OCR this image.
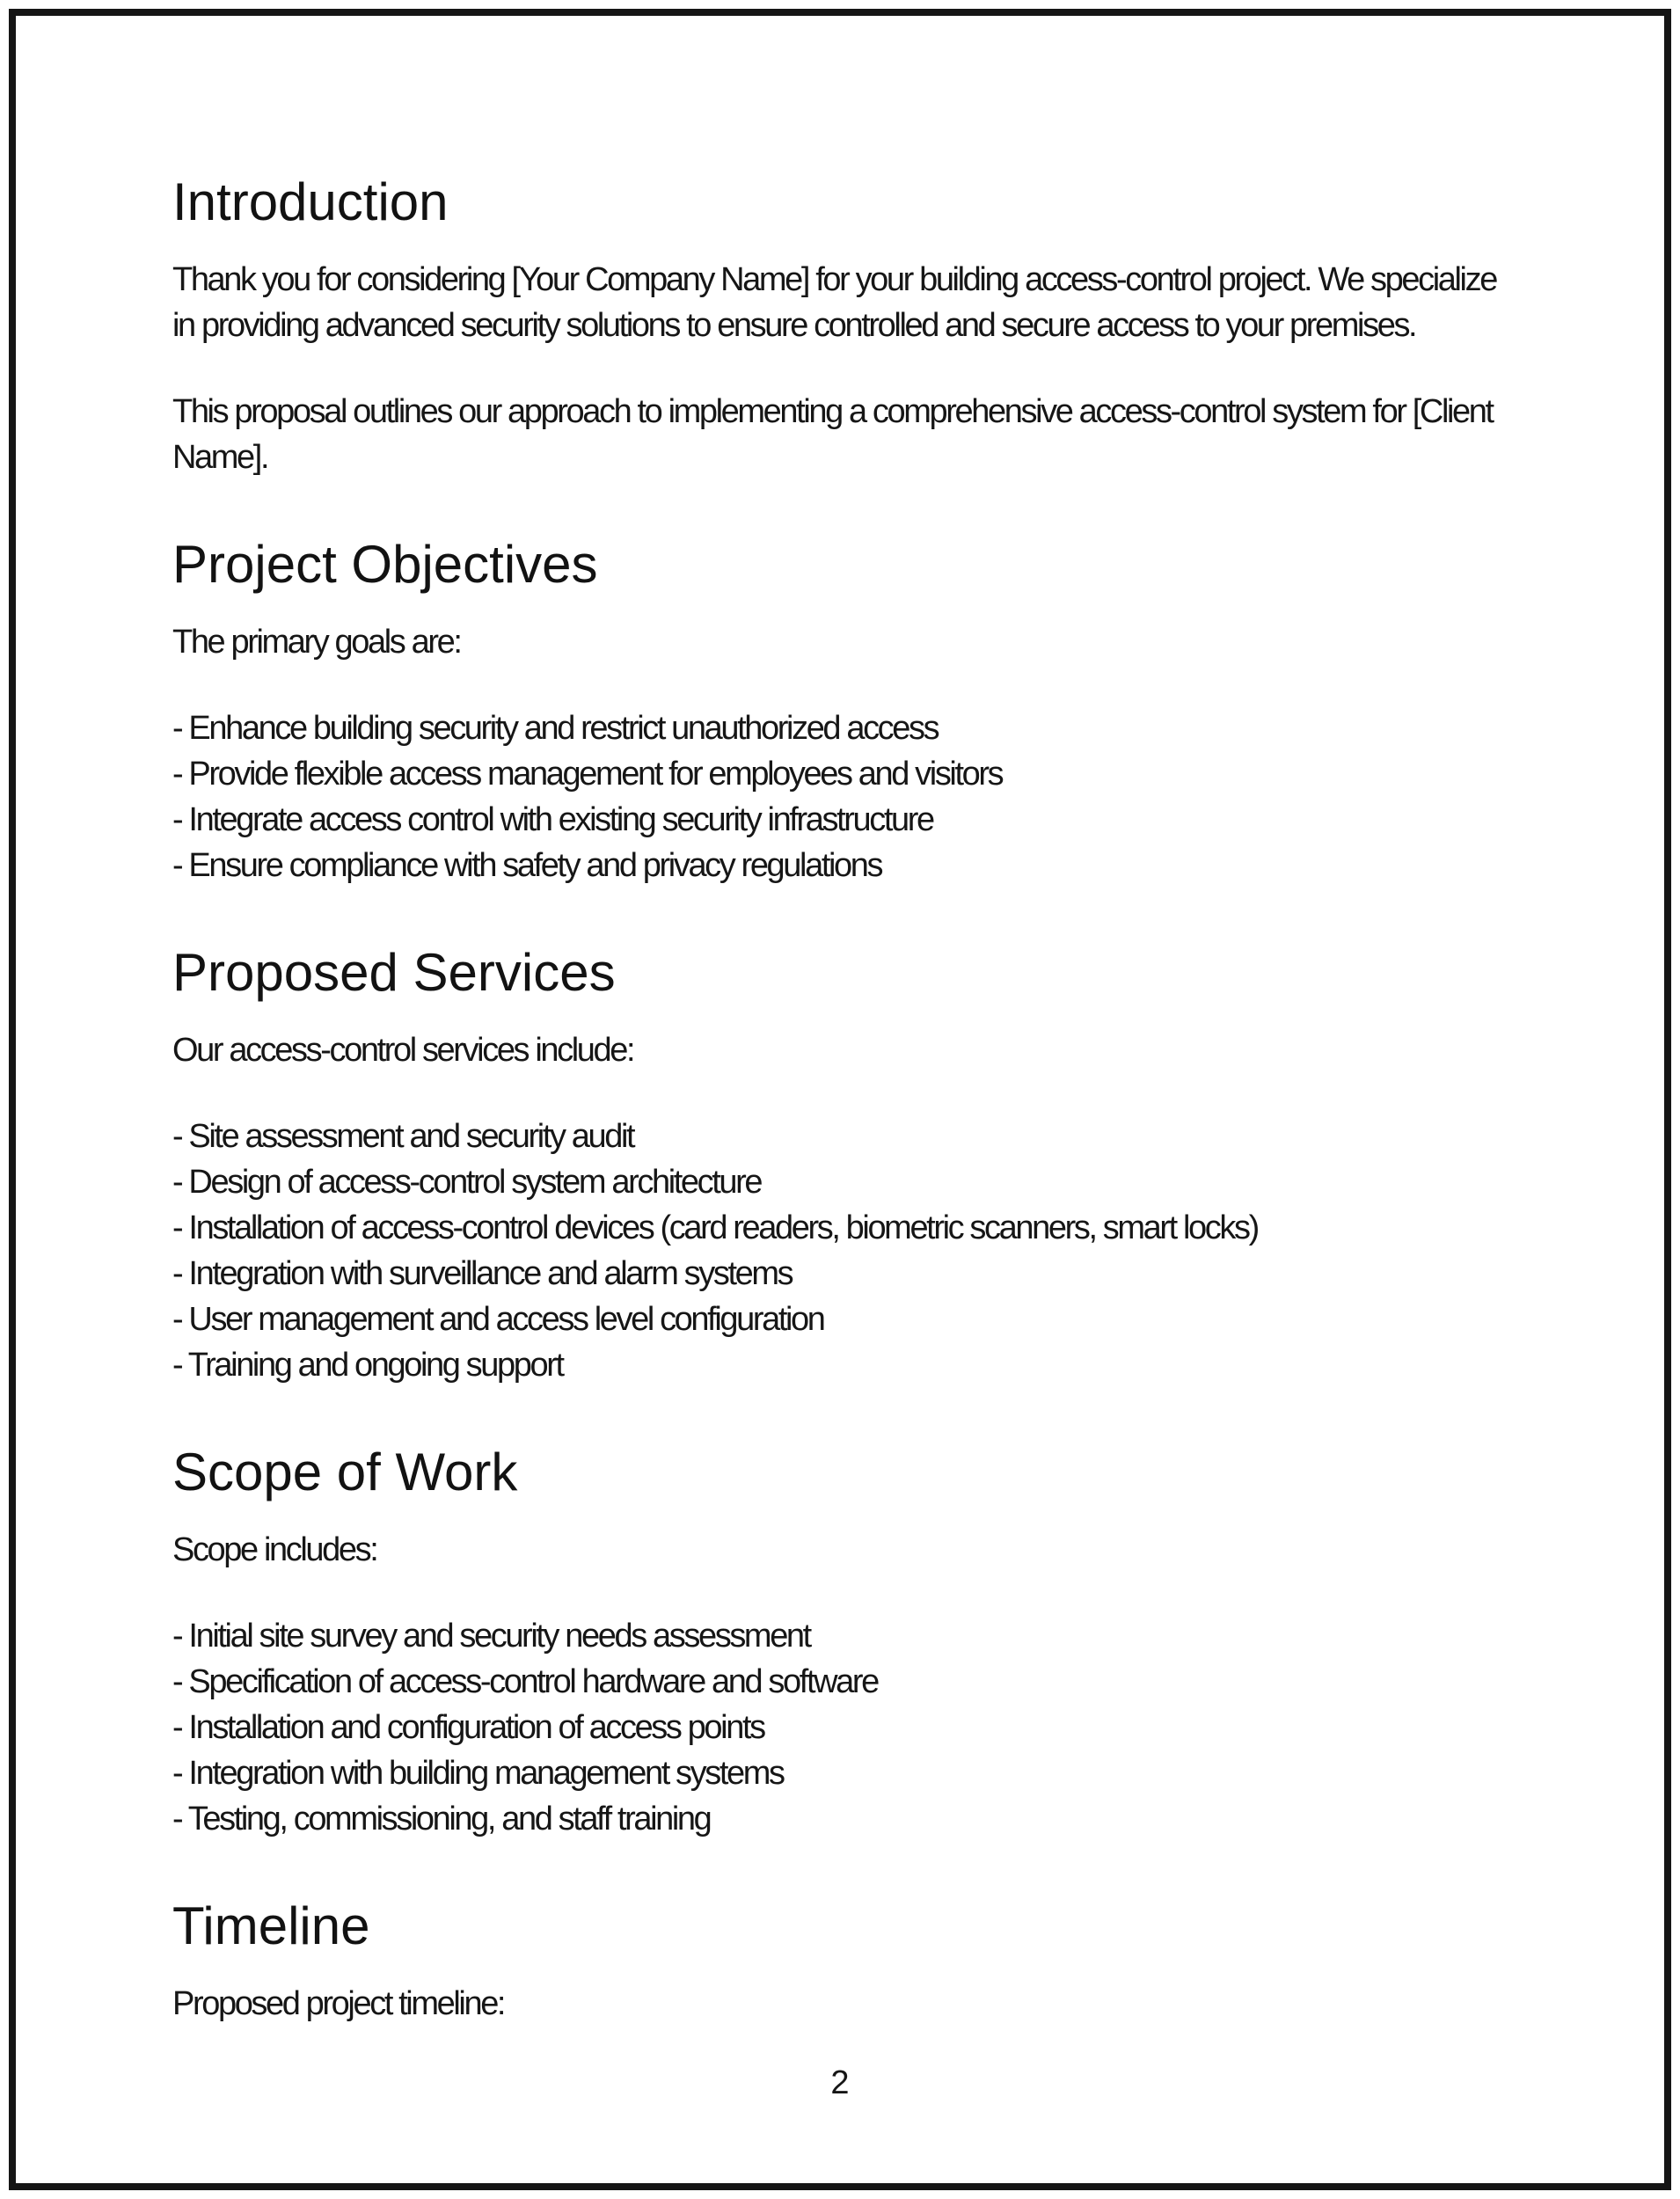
Introduction

Thank you for considering [Your Company Name] for your building access-control project. We specialize
in providing advanced security solutions to ensure controlled and secure access to your premises.

This proposal outlines our approach to implementing a comprehensive access-control system for [Client
Name].

Project Objectives

The primary goals are:

- Enhance building security and restrict unauthorized access
- Provide flexible access management for employees and visitors
- Integrate access control with existing security infrastructure
- Ensure compliance with safety and privacy regulations

Proposed Services

Our access-control services include:

- Site assessment and security audit
- Design of access-control system architecture
- Installation of access-control devices (card readers, biometric scanners, smart locks)
- Integration with surveillance and alarm systems
- User management and access level configuration
- Training and ongoing support

Scope of Work

Scope includes:

- Initial site survey and security needs assessment
- Specification of access-control hardware and software
- Installation and configuration of access points
- Integration with building management systems
- Testing, commissioning, and staff training

Timeline

Proposed project timeline:

2
